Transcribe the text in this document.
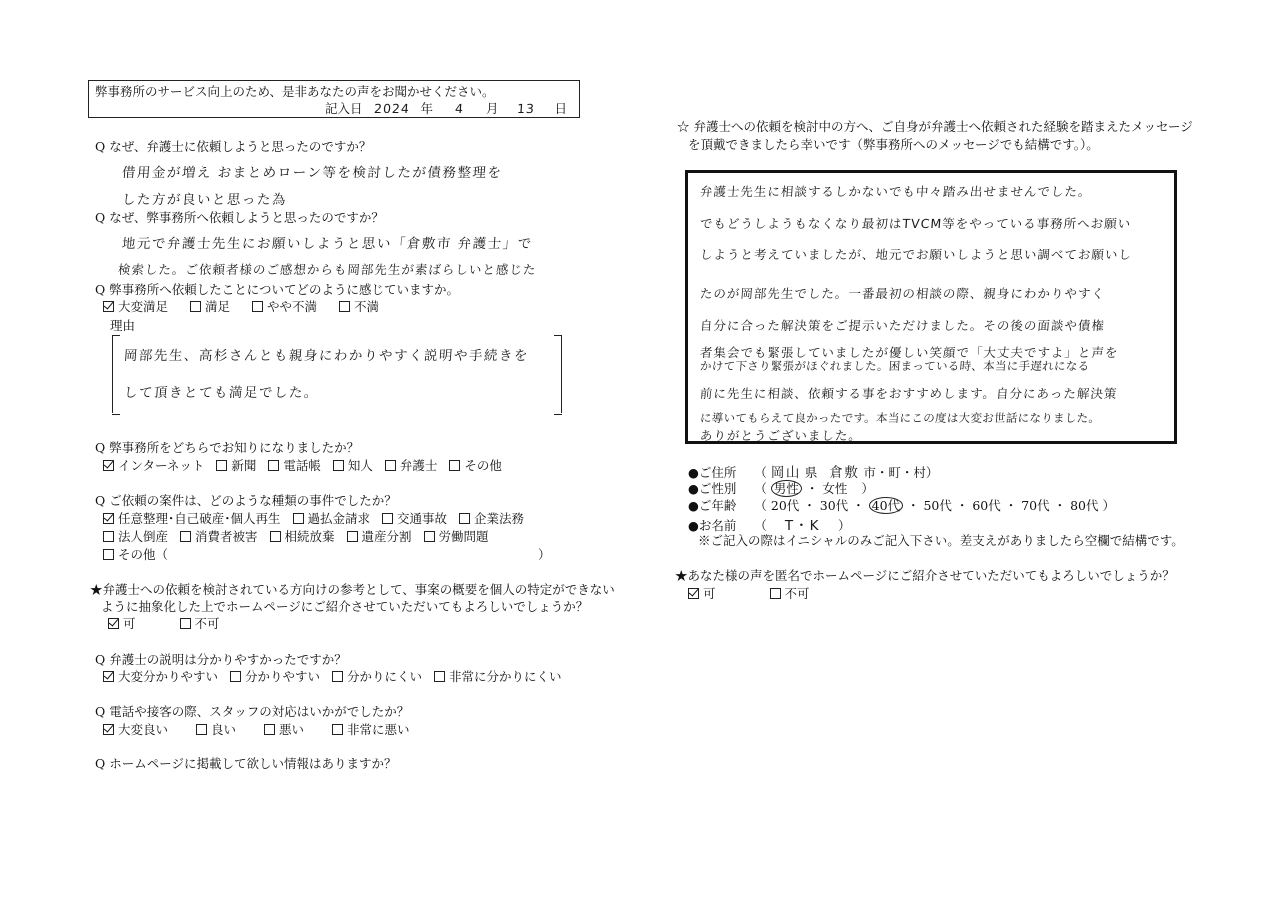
弊事務所のサービス向上のため、是非あなたの声をお聞かせください。
記入日 2024 年 4 月 13 日
Q なぜ、弁護士に依頼しようと思ったのですか？
借用金が増え おまとめローン等を検討したが債務整理を
した方が良いと思った為
Q なぜ、弊事務所へ依頼しようと思ったのですか？
地元で弁護士先生にお願いしようと思い「倉敷市 弁護士」で
検索した。ご依頼者様のご感想からも岡部先生が素ばらしいと感じた
Q 弊事務所へ依頼したことについてどのように感じていますか。
大変満足	満足	やや不満	不満
理由
岡部先生、高杉さんとも親身にわかりやすく説明や手続きを
して頂きとても満足でした。
Q 弊事務所をどちらでお知りになりましたか？
インターネット 新聞 電話帳 知人 弁護士 その他
Q ご依頼の案件は、どのような種類の事件でしたか？
任意整理･自己破産･個人再生 過払金請求 交通事故 企業法務
法人倒産 消費者被害 相続放棄 遺産分割 労働問題
その他（	）
★弁護士への依頼を検討されている方向けの参考として、事案の概要を個人の特定ができない
ように抽象化した上でホームページにご紹介させていただいてもよろしいでしょうか？
可	不可
Q 弁護士の説明は分かりやすかったですか？
大変分かりやすい 分かりやすい 分かりにくい 非常に分かりにくい
Q 電話や接客の際、スタッフの対応はいかがでしたか？
大変良い	良い	悪い	非常に悪い
Q ホームページに掲載して欲しい情報はありますか？
☆ 弁護士への依頼を検討中の方へ、ご自身が弁護士へ依頼された経験を踏まえたメッセージ
を頂戴できましたら幸いです（弊事務所へのメッセージでも結構です。）。
弁護士先生に相談するしかないでも中々踏み出せませんでした。
でもどうしようもなくなり最初はTVCM等をやっている事務所へお願い
しようと考えていましたが、地元でお願いしようと思い調べてお願いし
たのが岡部先生でした。一番最初の相談の際、親身にわかりやすく
自分に合った解決策をご提示いただけました。その後の面談や債権
者集会でも緊張していましたが優しい笑顔で「大丈夫ですよ」と声を
かけて下さり緊張がほぐれました。困まっている時、本当に手遅れになる
前に先生に相談、依頼する事をおすすめします。自分にあった解決策
に導いてもらえて良かったです。本当にこの度は大変お世話になりました。
ありがとうございました。
●ご住所 （ 岡山 県 倉敷 市・町・村）
●ご性別 （ 男性 ・ 女性 ）
●ご年齢 （ 20代 ・ 30代 ・ 40代 ・ 50代 ・ 60代 ・ 70代 ・ 80代 ）
●お名前 （ T・K ）
※ご記入の際はイニシャルのみご記入下さい。差支えがありましたら空欄で結構です。
★あなた様の声を匿名でホームページにご紹介させていただいてもよろしいでしょうか？
可	不可
